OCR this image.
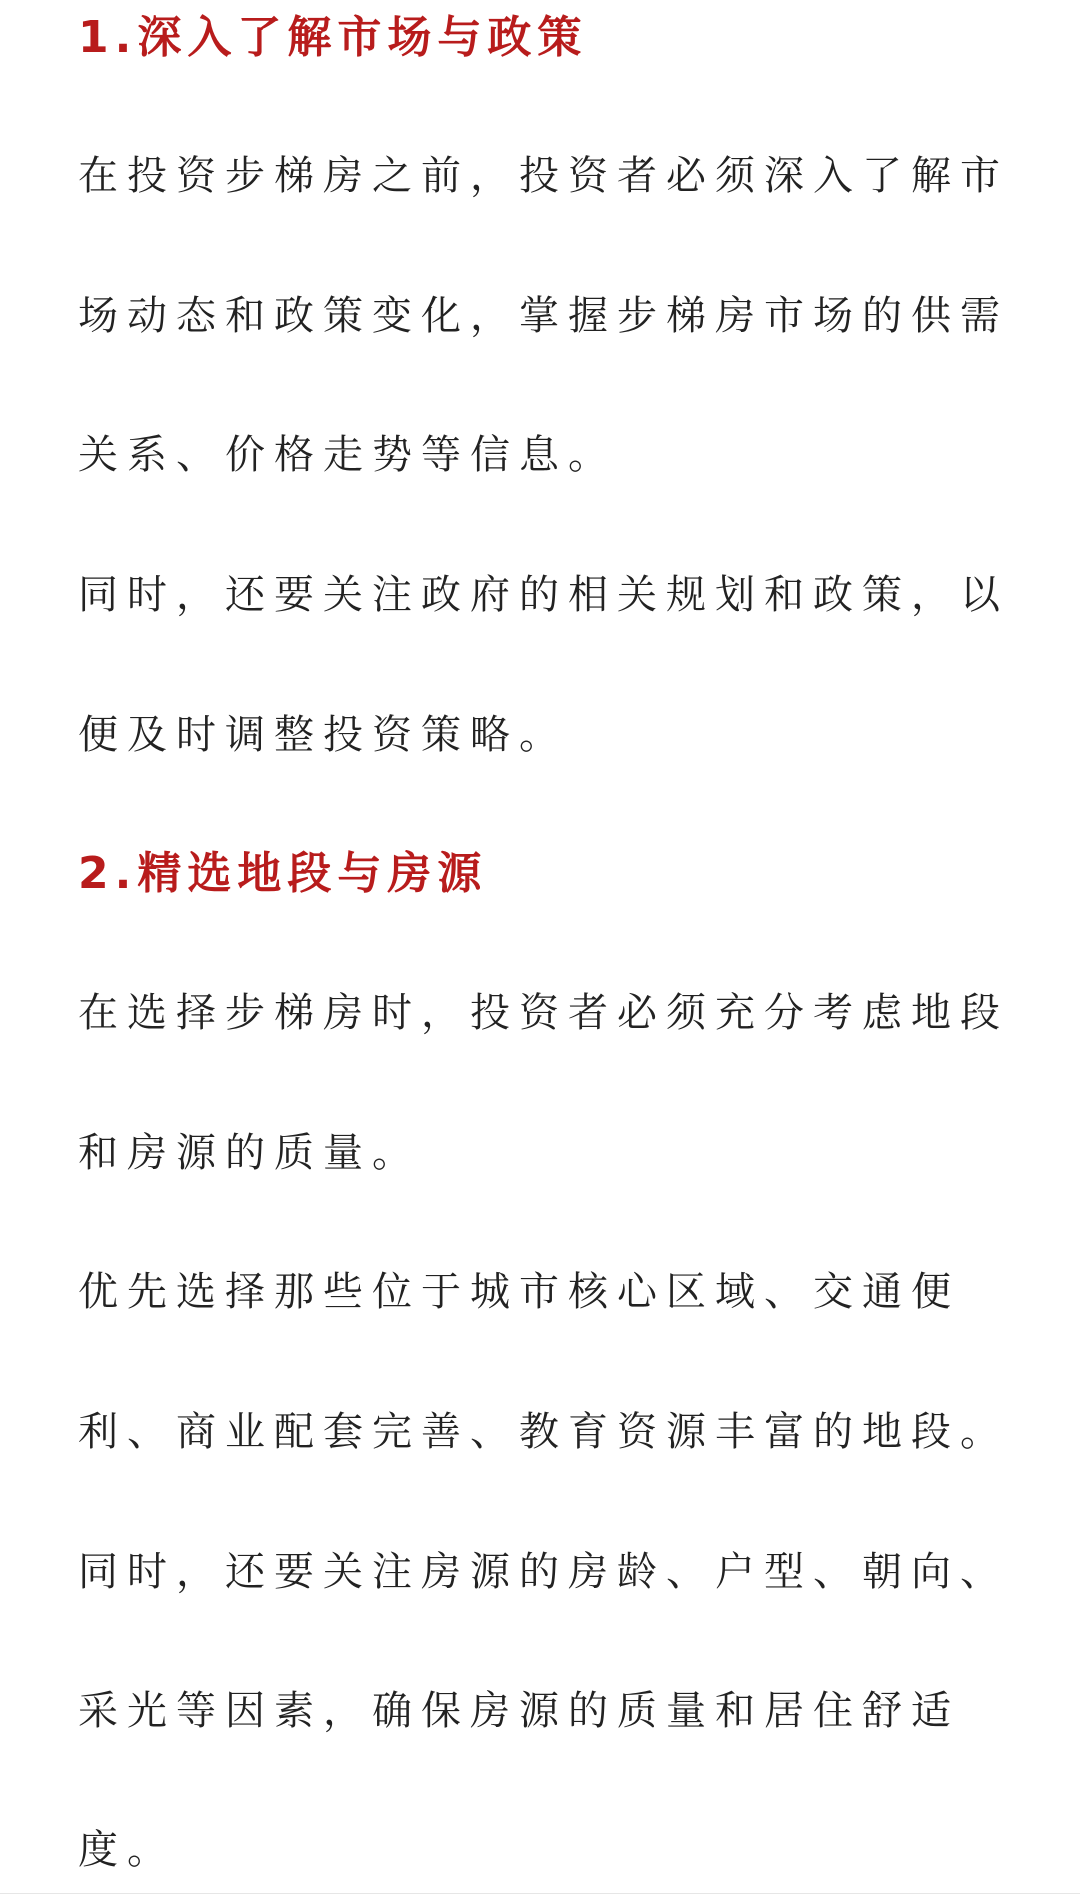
1.深入了解市场与政策

在投资步梯房之前，投资者必须深入了解市

场动态和政策变化，掌握步梯房市场的供需

关系、价格走势等信息。

同时，还要关注政府的相关规划和政策，以

便及时调整投资策略。

2.精选地段与房源

在选择步梯房时，投资者必须充分考虑地段

和房源的质量。

优先选择那些位于城市核心区域、交通便

利、商业配套完善、教育资源丰富的地段。

同时，还要关注房源的房龄、户型、朝向、

采光等因素，确保房源的质量和居住舒适

度。
